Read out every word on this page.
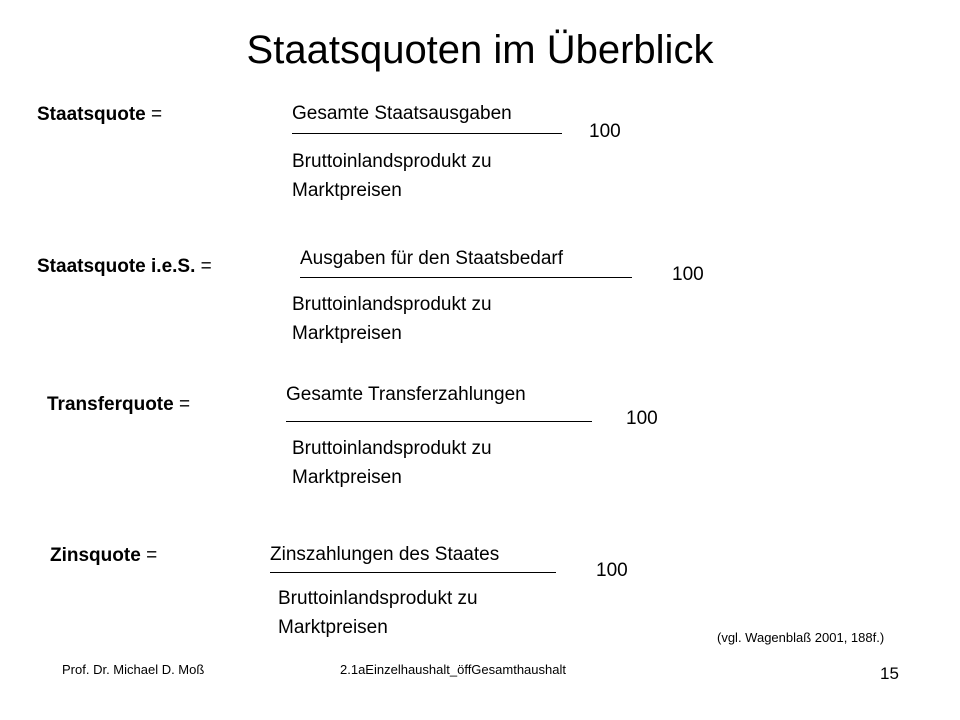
Staatsquoten im Überblick
Staatsquote =	Gesamte Staatsausgaben
Bruttoinlandsprodukt zu
Marktpreisen
100
Staatsquote i.e.S. =	Ausgaben für den Staatsbedarf
Bruttoinlandsprodukt zu
Marktpreisen
100
Transferquote =	Gesamte Transferzahlungen
Bruttoinlandsprodukt zu
Marktpreisen
100
Zinsquote =	Zinszahlungen des Staates
Bruttoinlandsprodukt zu
Marktpreisen
100
(vgl. Wagenblaß 2001, 188f.)
Prof. Dr. Michael D. Moß	2.1aEinzelhaushalt_öffGesamthaushalt	15
